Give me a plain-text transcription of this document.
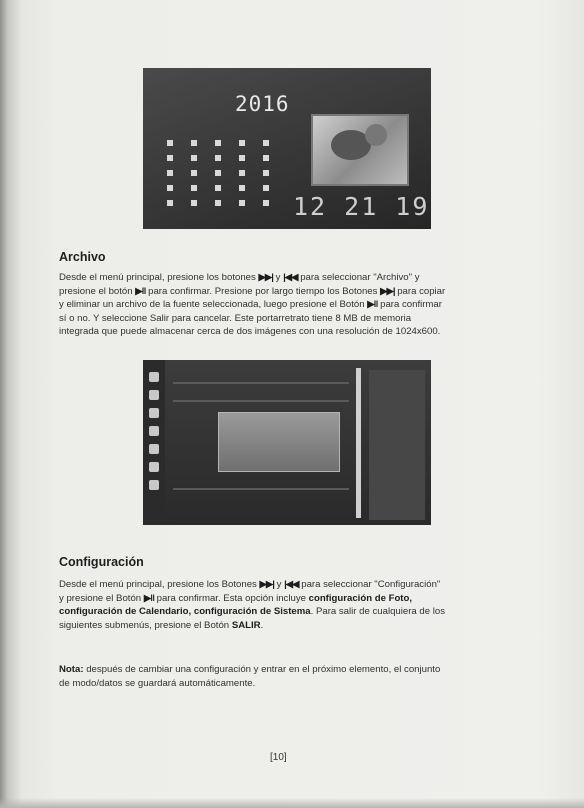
2016
12 21 19
Archivo

Desde el menú principal, presione los botones ▶▶| y |◀◀ para seleccionar "Archivo" y
presione el botón ▶‖ para confirmar. Presione por largo tiempo los Botones ▶▶| para copiar
y eliminar un archivo de la fuente seleccionada, luego presione el Botón ▶‖ para confirmar
sí o no. Y seleccione Salir para cancelar. Este portarretrato tiene 8 MB de memoria
integrada que puede almacenar cerca de dos imágenes con una resolución de 1024x600.

Configuración

Desde el menú principal, presione los Botones ▶▶| y |◀◀ para seleccionar "Configuración"
y presione el Botón ▶‖ para confirmar. Esta opción incluye configuración de Foto,
configuración de Calendario, configuración de Sistema. Para salir de cualquiera de los
siguientes submenús, presione el Botón SALIR.

Nota: después de cambiar una configuración y entrar en el próximo elemento, el conjunto
de modo/datos se guardará automáticamente.

[10]
